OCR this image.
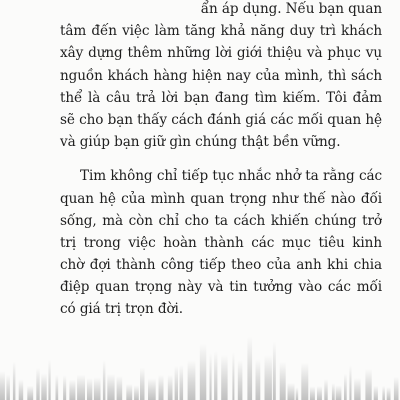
ẩn áp dụng. Nếu bạn quan
tâm đến việc làm tăng khả năng duy trì khách
xây dựng thêm những lời giới thiệu và phục vụ
nguồn khách hàng hiện nay của mình, thì sách
thể là câu trả lời bạn đang tìm kiếm. Tôi đảm
sẽ cho bạn thấy cách đánh giá các mối quan hệ
và giúp bạn giữ gìn chúng thật bền vững.
Tim không chỉ tiếp tục nhắc nhở ta rằng các
quan hệ của mình quan trọng như thế nào đối
sống, mà còn chỉ cho ta cách khiến chúng trở
trị trong việc hoàn thành các mục tiêu kinh
chờ đợi thành công tiếp theo của anh khi chia
điệp quan trọng này và tin tưởng vào các mối
có giá trị trọn đời.
